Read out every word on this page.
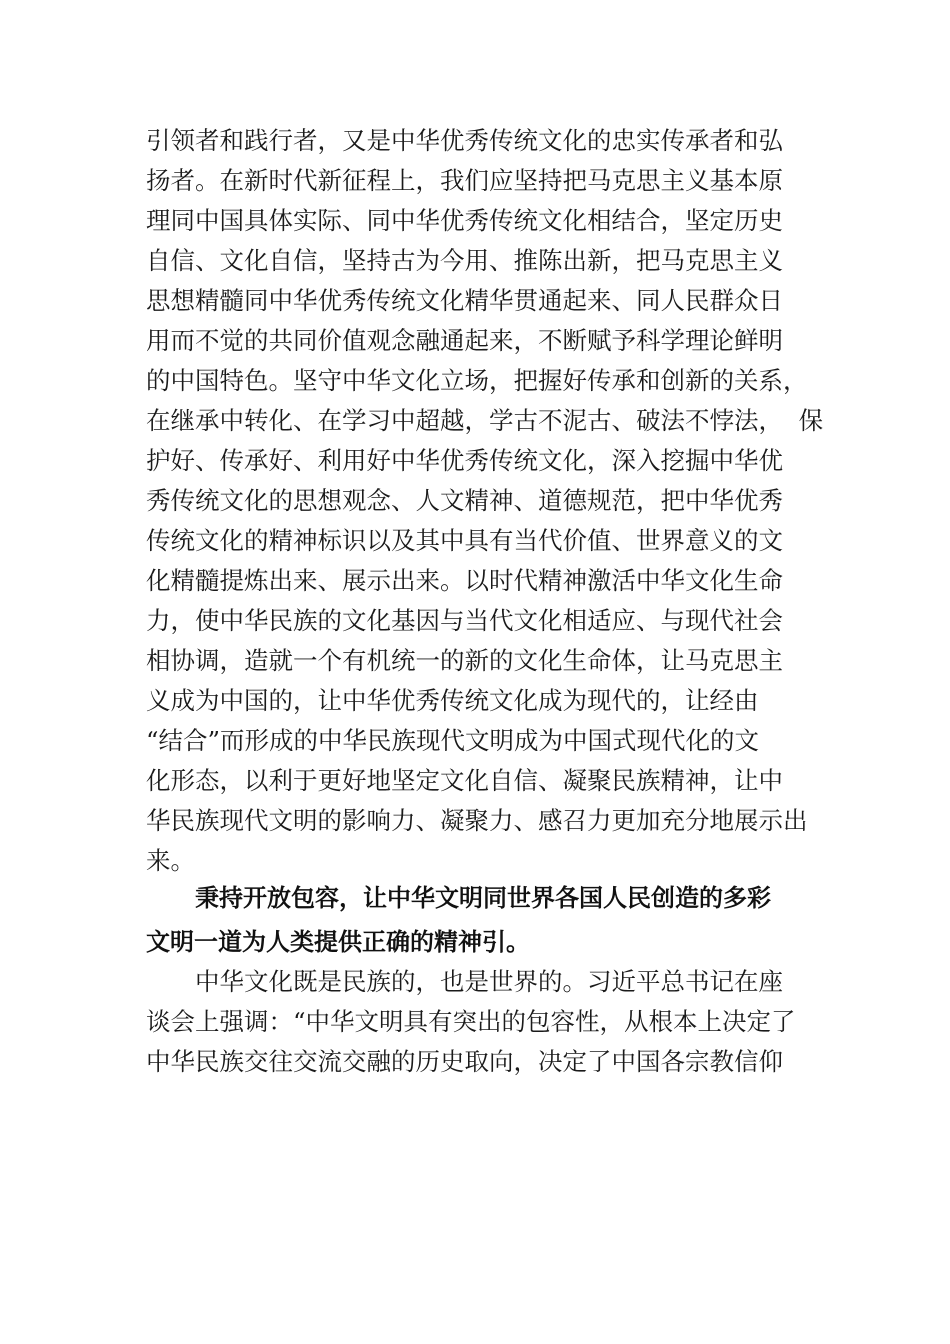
引领者和践行者，又是中华优秀传统文化的忠实传承者和弘
扬者。在新时代新征程上，我们应坚持把马克思主义基本原
理同中国具体实际、同中华优秀传统文化相结合，坚定历史
自信、文化自信，坚持古为今用、推陈出新，把马克思主义
思想精髓同中华优秀传统文化精华贯通起来、同人民群众日
用而不觉的共同价值观念融通起来，不断赋予科学理论鲜明
的中国特色。坚守中华文化立场，把握好传承和创新的关系，
在继承中转化、在学习中超越，学古不泥古、破法不悖法，  保
护好、传承好、利用好中华优秀传统文化，深入挖掘中华优
秀传统文化的思想观念、人文精神、道德规范，把中华优秀
传统文化的精神标识以及其中具有当代价值、世界意义的文
化精髓提炼出来、展示出来。以时代精神激活中华文化生命
力，使中华民族的文化基因与当代文化相适应、与现代社会
相协调，造就一个有机统一的新的文化生命体，让马克思主
义成为中国的，让中华优秀传统文化成为现代的，让经由
“结合”而形成的中华民族现代文明成为中国式现代化的文
化形态，以利于更好地坚定文化自信、凝聚民族精神，让中
华民族现代文明的影响力、凝聚力、感召力更加充分地展示出
来。
秉持开放包容，让中华文明同世界各国人民创造的多彩
文明一道为人类提供正确的精神引。
中华文化既是民族的，也是世界的。习近平总书记在座
谈会上强调：“中华文明具有突出的包容性，从根本上决定了
中华民族交往交流交融的历史取向，决定了中国各宗教信仰
